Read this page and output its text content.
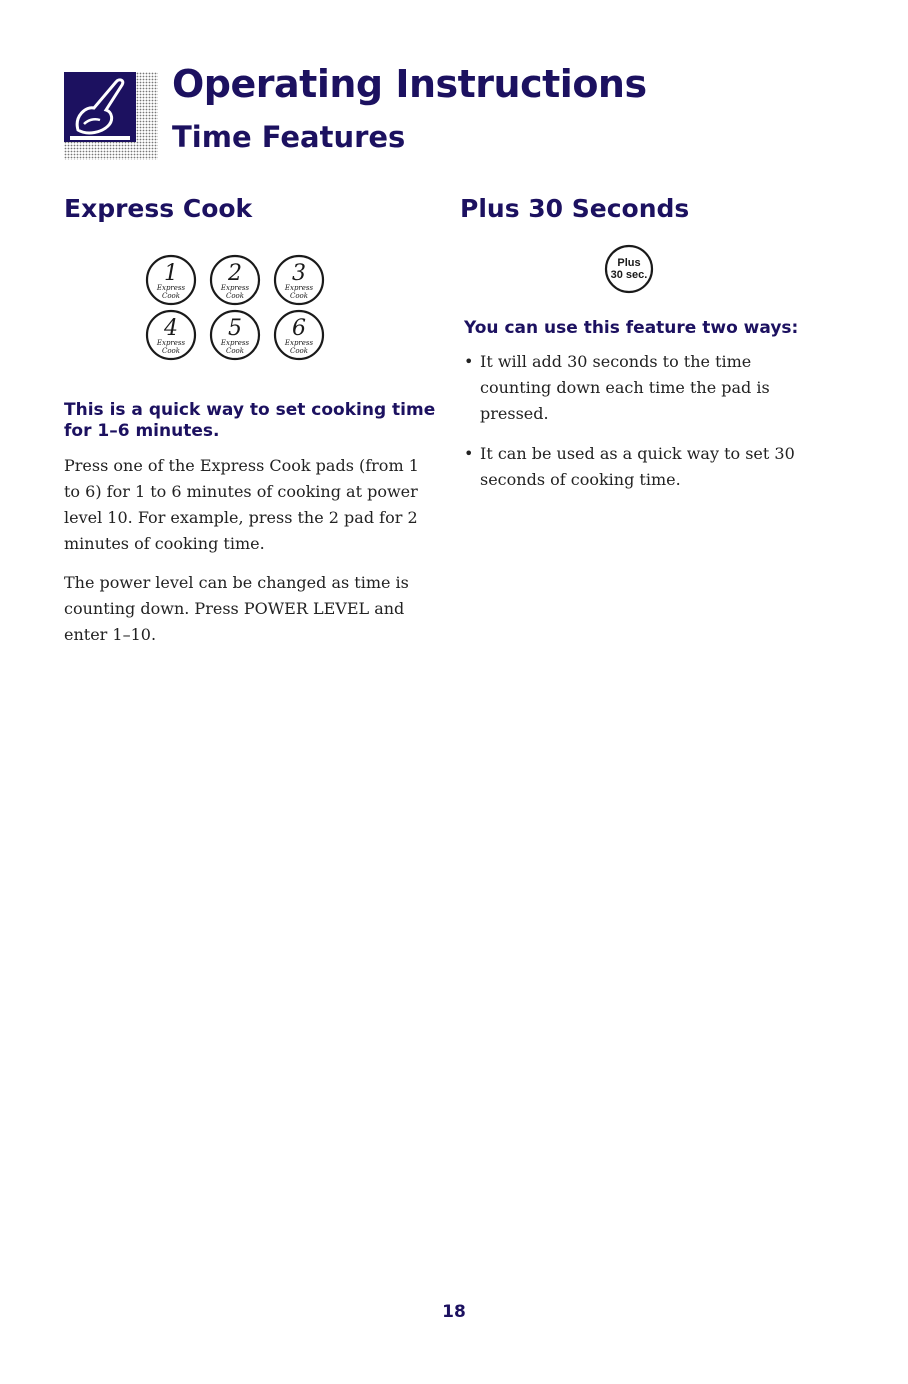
Operating Instructions
Time Features
Express Cook
1
Express
Cook
2
Express
Cook
3
Express
Cook
4
Express
Cook
5
Express
Cook
6
Express
Cook

This is a quick way to set cooking time for 1–6 minutes.

Press one of the Express Cook pads (from 1 to 6) for 1 to 6 minutes of cooking at power level 10. For example, press the 2 pad for 2 minutes of cooking time.

The power level can be changed as time is counting down. Press POWER LEVEL and enter 1–10.

Plus 30 Seconds
Plus
30 sec.

You can use this feature two ways:

• It will add 30 seconds to the time counting down each time the pad is pressed.
• It can be used as a quick way to set 30 seconds of cooking time.
18
